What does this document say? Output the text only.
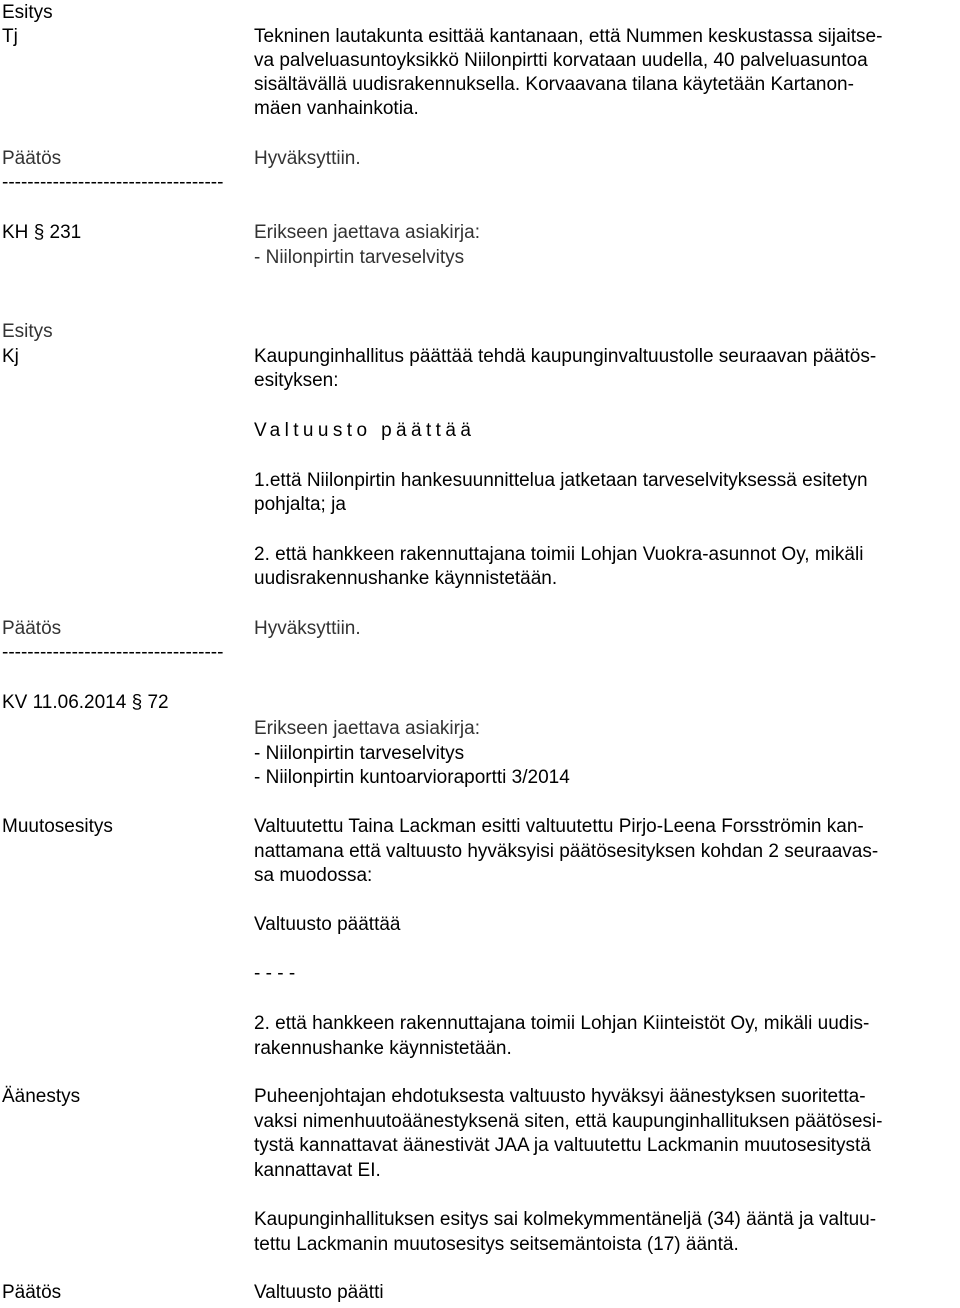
Esitys
Tj	Tekninen lautakunta esittää kantanaan, että Nummen keskustassa sijaitse-
va palveluasuntoyksikkö Niilonpirtti korvataan uudella, 40 palveluasuntoa
sisältävällä uudisrakennuksella. Korvaavana tilana käytetään Kartanon-
mäen vanhainkotia.
Päätös	Hyväksyttiin.
-----------------------------------
KH § 231	Erikseen jaettava asiakirja:
- Niilonpirtin tarveselvitys
Esitys
Kj	Kaupunginhallitus päättää tehdä kaupunginvaltuustolle seuraavan päätös-
esityksen:
Valtuusto päättää
1.että Niilonpirtin hankesuunnittelua jatketaan tarveselvityksessä esitetyn
pohjalta; ja
2. että hankkeen rakennuttajana toimii Lohjan Vuokra-asunnot Oy, mikäli
uudisrakennushanke käynnistetään.
Päätös	Hyväksyttiin.
-----------------------------------
KV 11.06.2014 § 72
Erikseen jaettava asiakirja:
- Niilonpirtin tarveselvitys
- Niilonpirtin kuntoarvioraportti 3/2014
Muutosesitys	Valtuutettu Taina Lackman esitti valtuutettu Pirjo-Leena Forsströmin kan-
nattamana että valtuusto hyväksyisi päätösesityksen kohdan 2 seuraavas-
sa muodossa:
Valtuusto päättää
- - - -
2. että hankkeen rakennuttajana toimii Lohjan Kiinteistöt Oy, mikäli uudis-
rakennushanke käynnistetään.
Äänestys	Puheenjohtajan ehdotuksesta valtuusto hyväksyi äänestyksen suoritetta-
vaksi nimenhuutoäänestyksenä siten, että kaupunginhallituksen päätösesi-
tystä kannattavat äänestivät JAA ja valtuutettu Lackmanin muutosesitystä
kannattavat EI.
Kaupunginhallituksen esitys sai kolmekymmentäneljä (34) ääntä ja valtuu-
tettu Lackmanin muutosesitys seitsemäntoista (17) ääntä.
Päätös	Valtuusto päätti
